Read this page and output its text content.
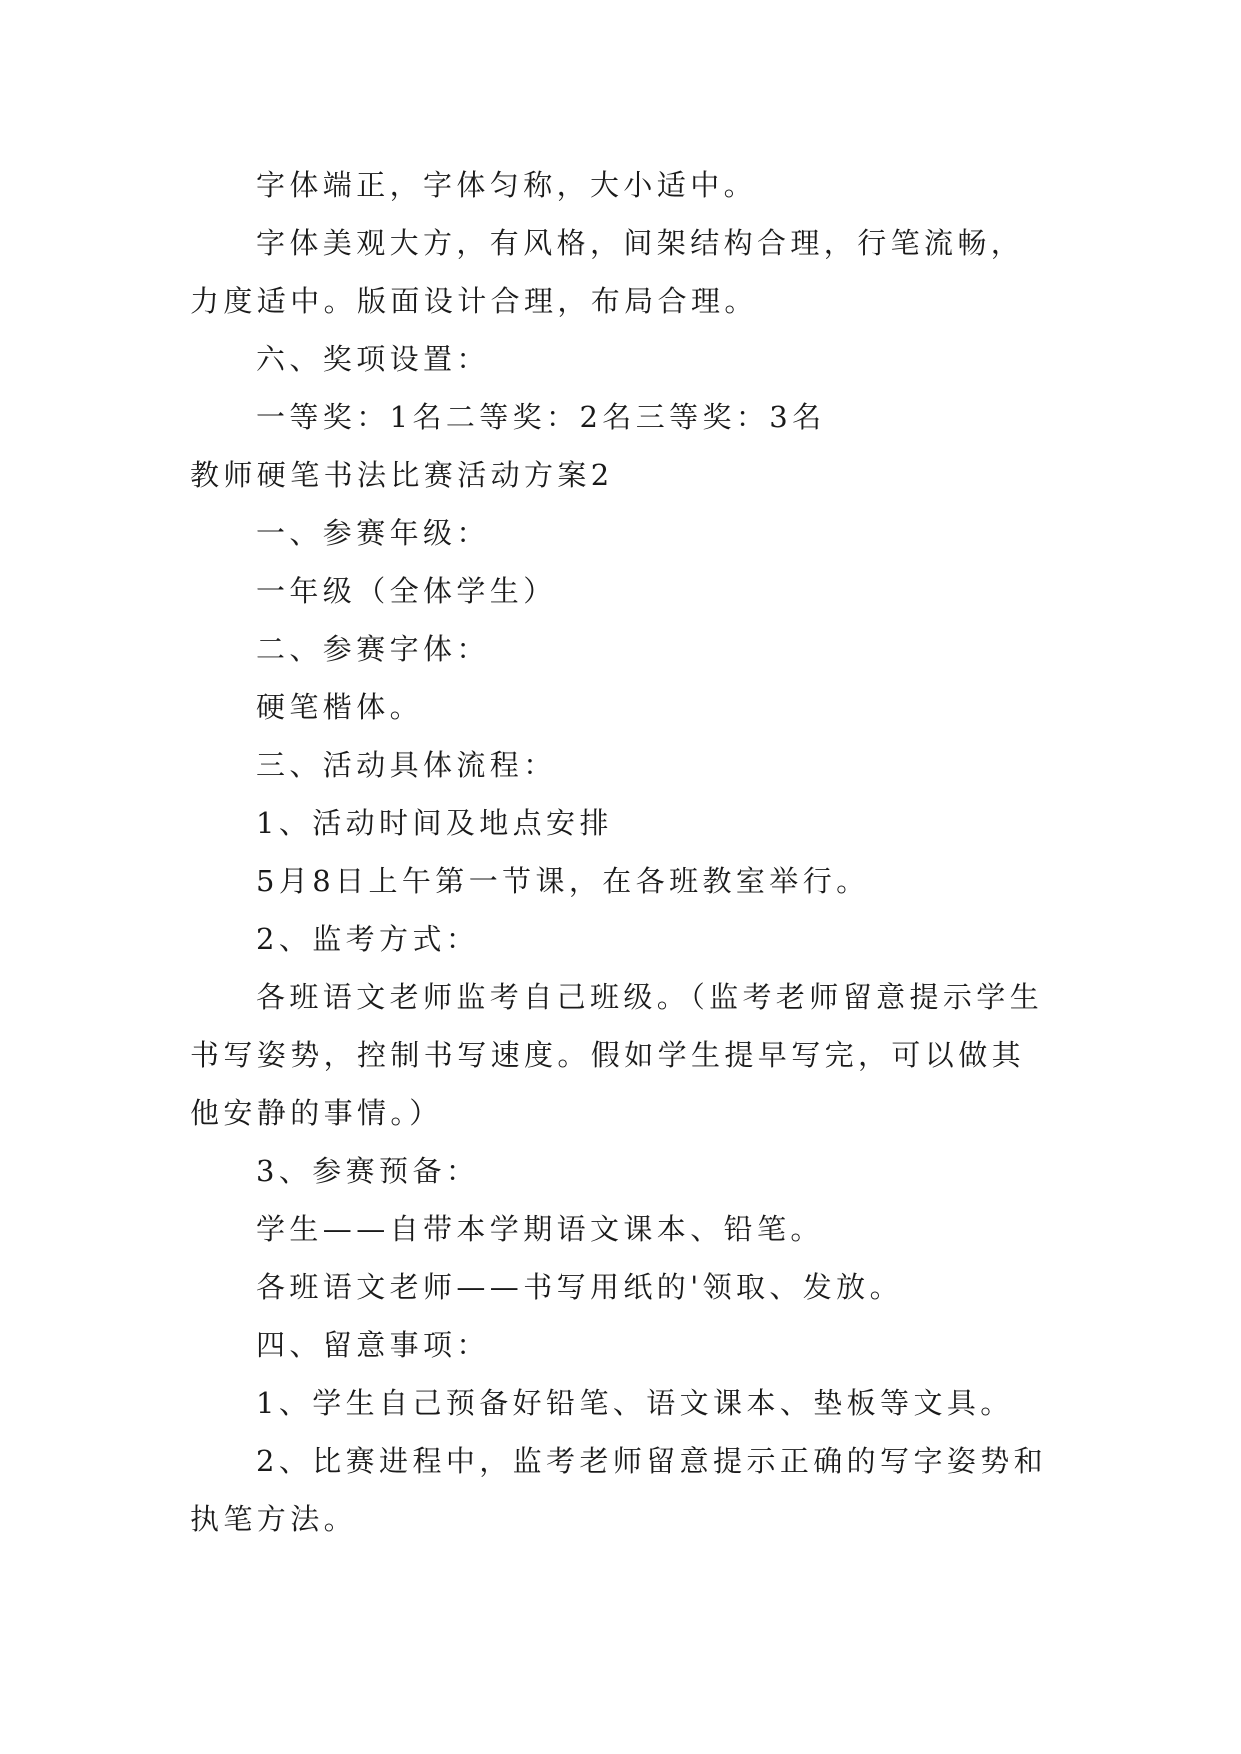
字体端正，字体匀称，大小适中。

字体美观大方，有风格，间架结构合理，行笔流畅，力度适中。版面设计合理，布局合理。

六、奖项设置：

一等奖：1名二等奖：2名三等奖：3名

教师硬笔书法比赛活动方案2

一、参赛年级：

一年级（全体学生）

二、参赛字体：

硬笔楷体。

三、活动具体流程：

1、活动时间及地点安排

5月8日上午第一节课，在各班教室举行。

2、监考方式：

各班语文老师监考自己班级。（监考老师留意提示学生书写姿势，控制书写速度。假如学生提早写完，可以做其他安静的事情。）

3、参赛预备：

学生——自带本学期语文课本、铅笔。

各班语文老师——书写用纸的'领取、发放。

四、留意事项：

1、学生自己预备好铅笔、语文课本、垫板等文具。

2、比赛进程中，监考老师留意提示正确的写字姿势和执笔方法。
